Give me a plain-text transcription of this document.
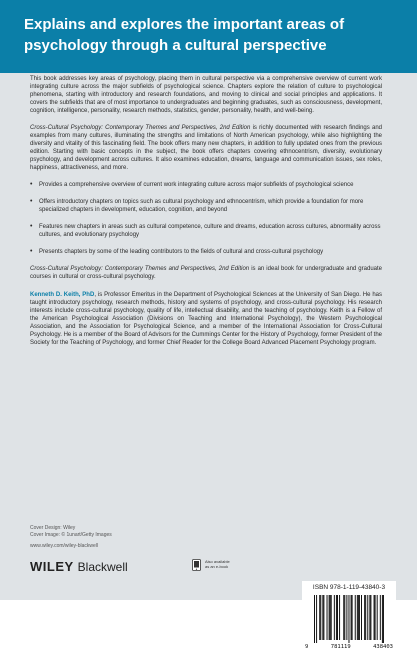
Explains and explores the important areas of psychology through a cultural perspective

This book addresses key areas of psychology, placing them in cultural perspective via a comprehensive overview of current work integrating culture across the major subfields of psychological science. Chapters explore the relation of culture to psychological phenomena, starting with introductory and research foundations, and moving to clinical and social principles and applications. It covers the subfields that are of most importance to undergraduates and beginning graduates, such as consciousness, development, cognition, intelligence, personality, research methods, statistics, gender, personality, health, and well-being.

Cross-Cultural Psychology: Contemporary Themes and Perspectives, 2nd Edition is richly documented with research findings and examples from many cultures, illuminating the strengths and limitations of North American psychology, while also highlighting the diversity and vitality of this fascinating field. The book offers many new chapters, in addition to fully updated ones from the previous edition. Starting with basic concepts in the subject, the book offers chapters covering ethnocentrism, diversity, evolutionary psychology, and development across cultures. It also examines education, dreams, language and communication issues, sex roles, happiness, attractiveness, and more.

• Provides a comprehensive overview of current work integrating culture across major subfields of psychological science
• Offers introductory chapters on topics such as cultural psychology and ethnocentrism, which provide a foundation for more specialized chapters in development, education, cognition, and beyond
• Features new chapters in areas such as cultural competence, culture and dreams, education across cultures, abnormality across cultures, and evolutionary psychology
• Presents chapters by some of the leading contributors to the fields of cultural and cross-cultural psychology

Cross-Cultural Psychology: Contemporary Themes and Perspectives, 2nd Edition is an ideal book for undergraduate and graduate courses in cultural or cross-cultural psychology.

Kenneth D. Keith, PhD, is Professor Emeritus in the Department of Psychological Sciences at the University of San Diego. He has taught introductory psychology, research methods, history and systems of psychology, and cross-cultural psychology. His research interests include cross-cultural psychology, quality of life, intellectual disability, and the teaching of psychology. Keith is a Fellow of the American Psychological Association (Divisions on Teaching and International Psychology), the Western Psychological Association, and the Association for Psychological Science, and a member of the International Association for Cross-Cultural Psychology. He is a member of the Board of Advisors for the Cummings Center for the History of Psychology, former President of the Society for the Teaching of Psychology, and former Chief Reader for the College Board Advanced Placement Psychology program.

ISBN 978-1-119-43840-3

9	781119	438403
Cover Design: Wiley
Cover Image: © 1unart/Getty Images
www.wiley.com/wiley-blackwell
WILEY Blackwell	Also available
as an e-book
